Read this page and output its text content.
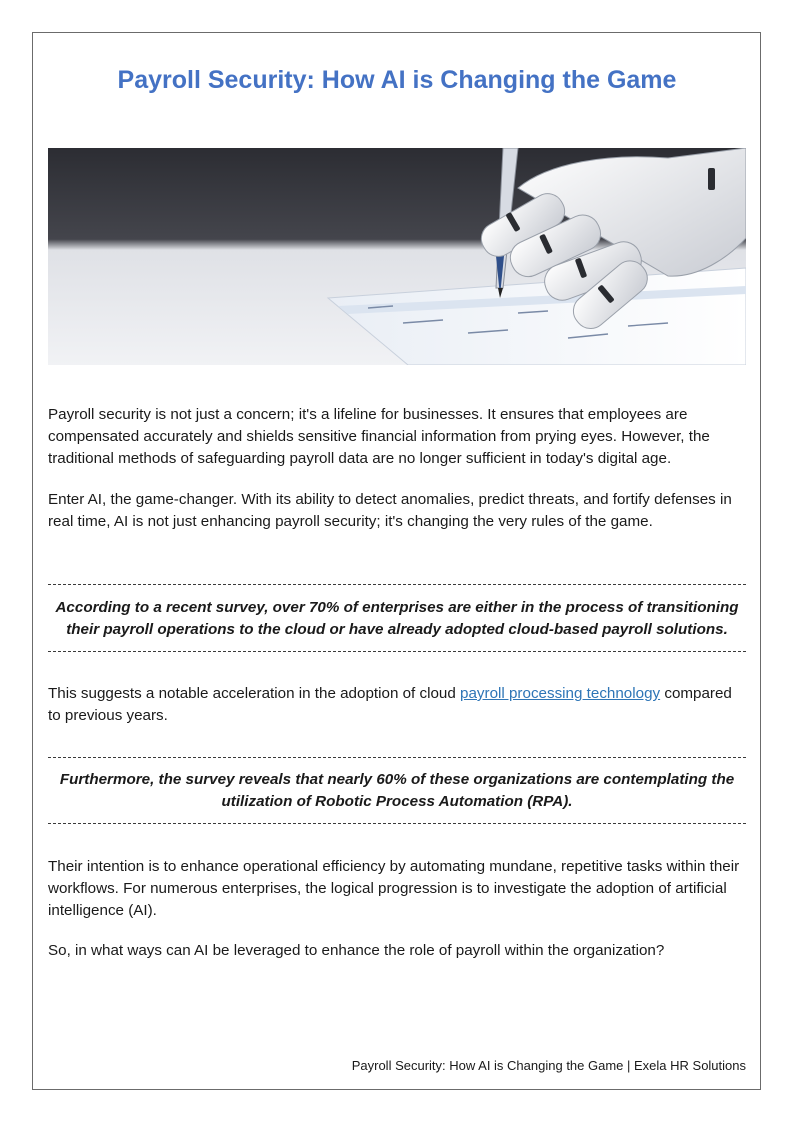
Payroll Security: How AI is Changing the Game

Payroll security is not just a concern; it's a lifeline for businesses. It ensures that employees are compensated accurately and shields sensitive financial information from prying eyes. However, the traditional methods of safeguarding payroll data are no longer sufficient in today's digital age.

Enter AI, the game-changer. With its ability to detect anomalies, predict threats, and fortify defenses in real time, AI is not just enhancing payroll security; it's changing the very rules of the game.

According to a recent survey, over 70% of enterprises are either in the process of transitioning their payroll operations to the cloud or have already adopted cloud-based payroll solutions.

This suggests a notable acceleration in the adoption of cloud payroll processing technology compared to previous years.

Furthermore, the survey reveals that nearly 60% of these organizations are contemplating the utilization of Robotic Process Automation (RPA).

Their intention is to enhance operational efficiency by automating mundane, repetitive tasks within their workflows. For numerous enterprises, the logical progression is to investigate the adoption of artificial intelligence (AI).

So, in what ways can AI be leveraged to enhance the role of payroll within the organization?

Payroll Security: How AI is Changing the Game | Exela HR Solutions
